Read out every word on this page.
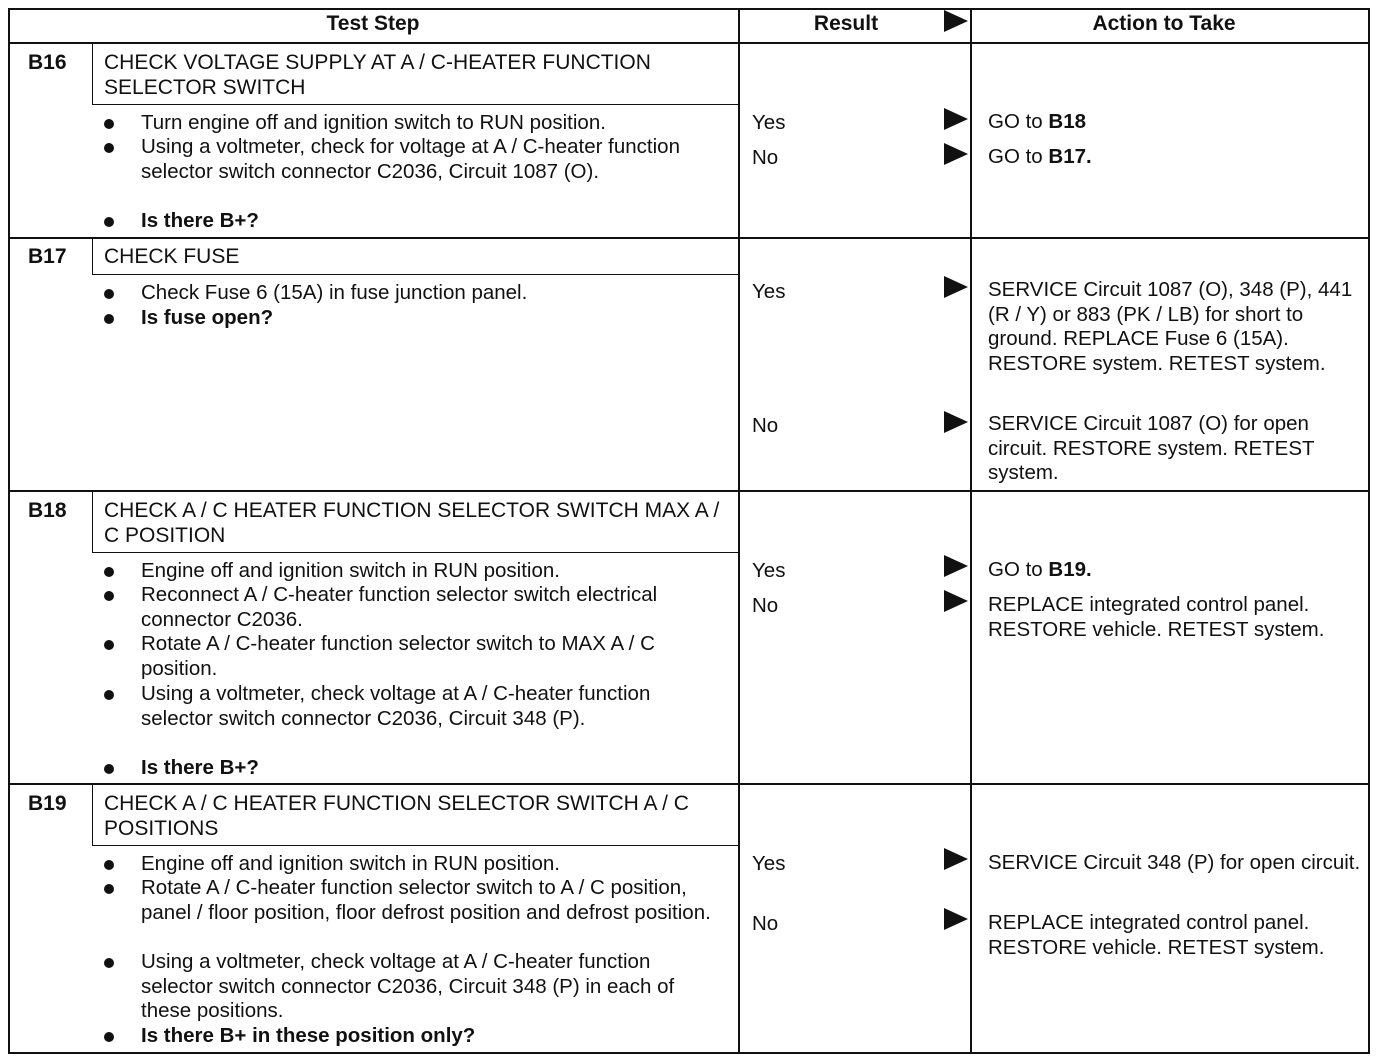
Test Step	Result	Action to Take
B16 CHECK VOLTAGE SUPPLY AT A / C-HEATER FUNCTION SELECTOR SWITCH
Turn engine off and ignition switch to RUN position.
Using a voltmeter, check for voltage at A / C-heater function selector switch connector C2036, Circuit 1087 (O).
Is there B+?
Yes	GO to B18
No	GO to B17.
B17 CHECK FUSE
Check Fuse 6 (15A) in fuse junction panel.
Is fuse open?
Yes	SERVICE Circuit 1087 (O), 348 (P), 441 (R / Y) or 883 (PK / LB) for short to ground. REPLACE Fuse 6 (15A). RESTORE system. RETEST system.
No	SERVICE Circuit 1087 (O) for open circuit. RESTORE system. RETEST system.
B18 CHECK A / C HEATER FUNCTION SELECTOR SWITCH MAX A / C POSITION
Engine off and ignition switch in RUN position.
Reconnect A / C-heater function selector switch electrical connector C2036.
Rotate A / C-heater function selector switch to MAX A / C position.
Using a voltmeter, check voltage at A / C-heater function selector switch connector C2036, Circuit 348 (P).
Is there B+?
Yes	GO to B19.
No	REPLACE integrated control panel. RESTORE vehicle. RETEST system.
B19 CHECK A / C HEATER FUNCTION SELECTOR SWITCH A / C POSITIONS
Engine off and ignition switch in RUN position.
Rotate A / C-heater function selector switch to A / C position, panel / floor position, floor defrost position and defrost position.
Using a voltmeter, check voltage at A / C-heater function selector switch connector C2036, Circuit 348 (P) in each of these positions.
Is there B+ in these position only?
Yes	SERVICE Circuit 348 (P) for open circuit.
No	REPLACE integrated control panel. RESTORE vehicle. RETEST system.
